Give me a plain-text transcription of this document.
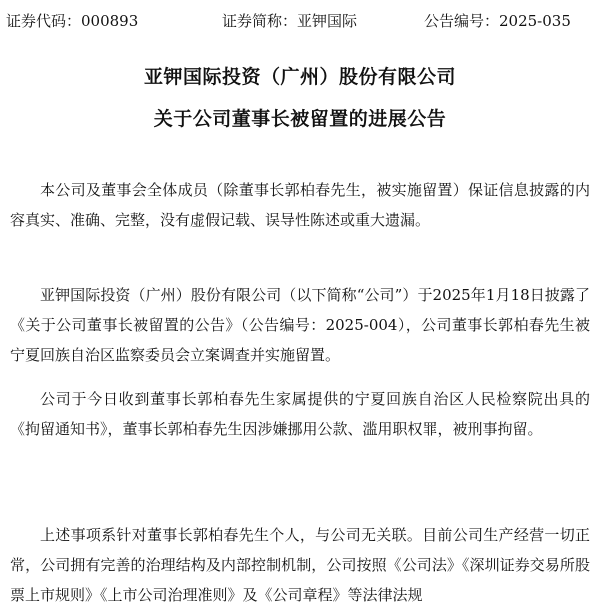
证券代码：000893	证券简称：亚钾国际	公告编号：2025-035
亚钾国际投资（广州）股份有限公司
关于公司董事长被留置的进展公告

本公司及董事会全体成员（除董事长郭柏春先生，被实施留置）保证信息披露的内容真实、准确、完整，没有虚假记载、误导性陈述或重大遗漏。

亚钾国际投资（广州）股份有限公司（以下简称“公司”）于2025年1月18日披露了《关于公司董事长被留置的公告》（公告编号：2025-004），公司董事长郭柏春先生被宁夏回族自治区监察委员会立案调查并实施留置。

公司于今日收到董事长郭柏春先生家属提供的宁夏回族自治区人民检察院出具的《拘留通知书》，董事长郭柏春先生因涉嫌挪用公款、滥用职权罪，被刑事拘留。

上述事项系针对董事长郭柏春先生个人，与公司无关联。目前公司生产经营一切正常，公司拥有完善的治理结构及内部控制机制，公司按照《公司法》《深圳证券交易所股票上市规则》《上市公司治理准则》及《公司章程》等法律法规
